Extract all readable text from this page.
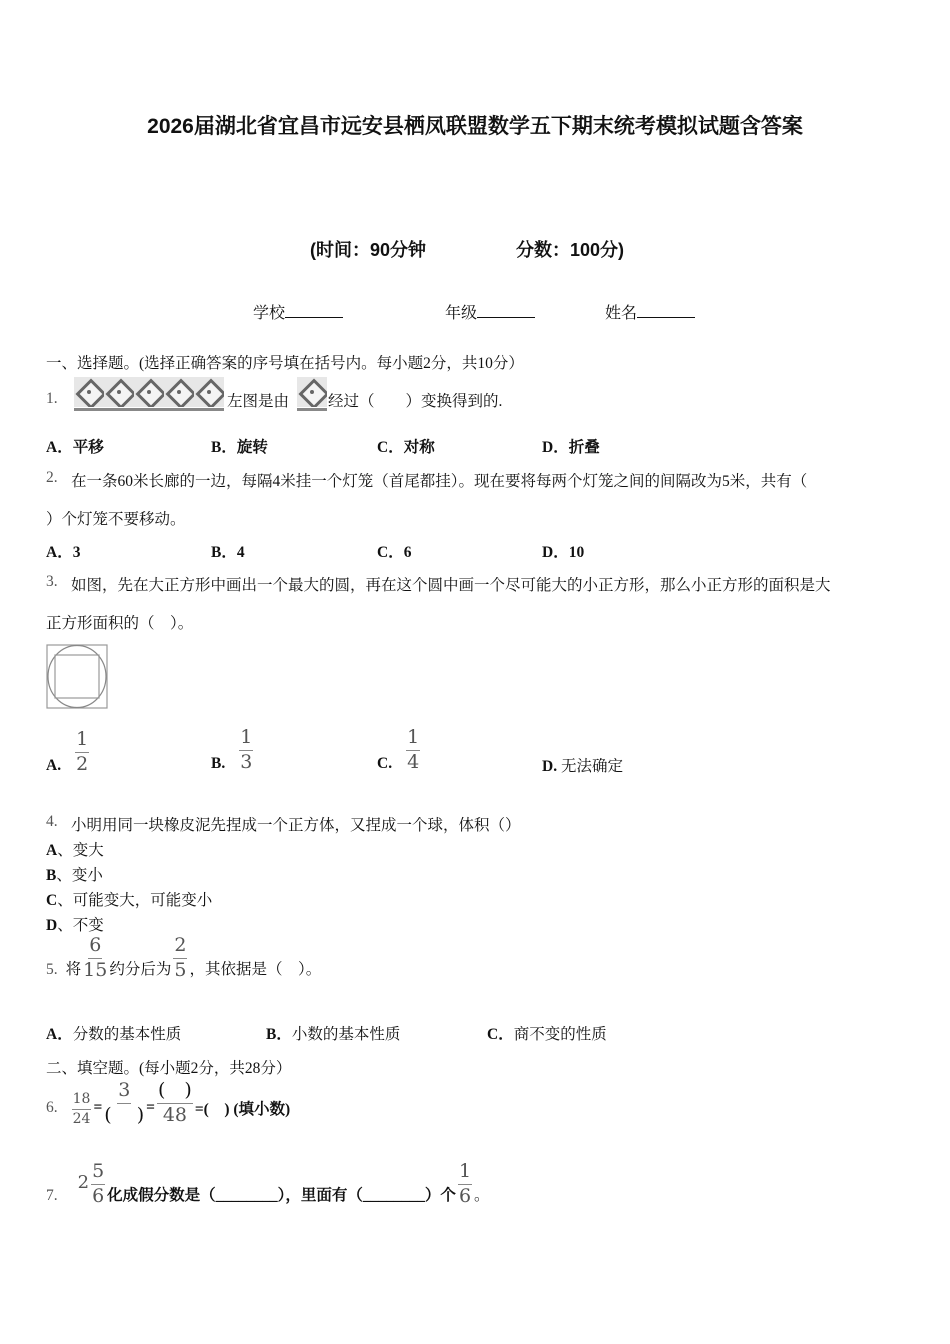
2026届湖北省宜昌市远安县栖凤联盟数学五下期末统考模拟试题含答案
(时间：90分钟	分数：100分)
学校	年级	姓名
一、选择题。(选择正确答案的序号填在括号内。每小题2分，共10分）
1.	左图是由	经过（　　）变换得到的.
A．平移	B．旋转	C．对称	D．折叠
2. 在一条60米长廊的一边，每隔4米挂一个灯笼（首尾都挂）。现在要将每两个灯笼之间的间隔改为5米，共有（
）个灯笼不要移动。
A．3	B．4	C．6	D．10
3. 如图，先在大正方形中画出一个最大的圆，再在这个圆中画一个尽可能大的小正方形，那么小正方形的面积是大
正方形面积的（　）。
A. $\frac{1}{2}$	B. $\frac{1}{3}$	C. $\frac{1}{4}$	D. 无法确定
4. 小明用同一块橡皮泥先捏成一个正方体，又捏成一个球，体积（）
A、变大
B、变小
C、可能变大，可能变小
D、不变
5. 将 $\frac{6}{15}$ 约分后为 $\frac{2}{5}$ ，其依据是（　）。
A．分数的基本性质	B．小数的基本性质	C．商不变的性质
二、填空题。(每小题2分，共28分）
6. $\frac{18}{24} = \frac{3}{( )} = \frac{( )}{48}$ =(　) (填小数)
7.
$2 \frac{5}{6}$ 化成假分数是（________），里面有（________）个 $\frac{1}{6}$ 。
